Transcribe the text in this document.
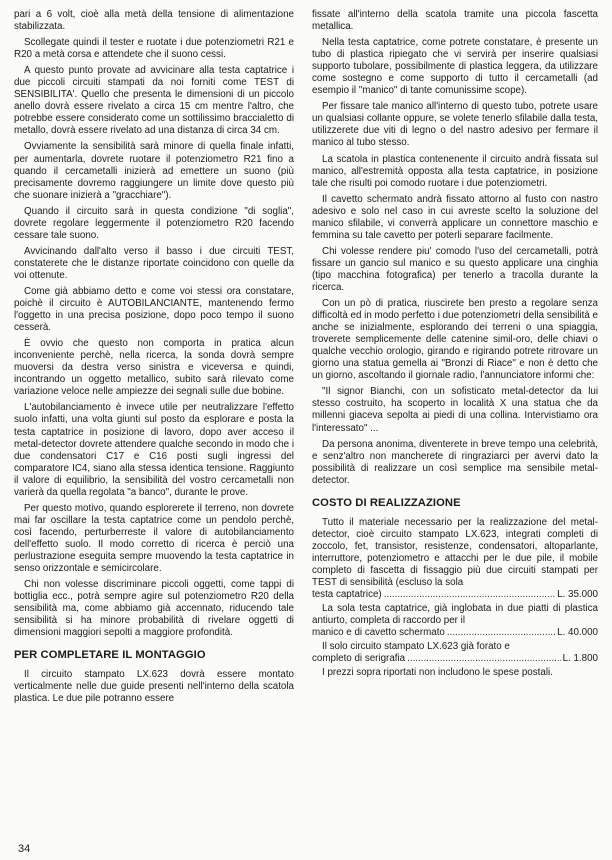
pari a 6 volt, cioè alla metà della tensione di alimentazione stabilizzata.

Scollegate quindi il tester e ruotate i due potenziometri R21 e R20 a metà corsa e attendete che il suono cessi.

A questo punto provate ad avvicinare alla testa captatrice i due piccoli circuiti stampati da noi forniti come TEST di SENSIBILITA'. Quello che presenta le dimensioni di un piccolo anello dovrà essere rivelato a circa 15 cm mentre l'altro, che potrebbe essere considerato come un sottilissimo braccialetto di metallo, dovrà essere rivelato ad una distanza di circa 34 cm.

Ovviamente la sensibilità sarà minore di quella finale infatti, per aumentarla, dovrete ruotare il potenziometro R21 fino a quando il cercametalli inizierà ad emettere un suono (più precisamente dovremo raggiungere un limite dove questo più che suonare inizierà a "gracchiare").

Quando il circuito sarà in questa condizione "di soglia", dovrete regolare leggermente il potenziometro R20 facendo cessare tale suono.

Avvicinando dall'alto verso il basso i due circuiti TEST, constaterete che le distanze riportate coincidono con quelle da voi ottenute.

Come già abbiamo detto e come voi stessi ora constatare, poichè il circuito è AUTOBILANCIANTE, mantenendo fermo l'oggetto in una precisa posizione, dopo poco tempo il suono cesserà.

È ovvio che questo non comporta in pratica alcun inconveniente perchè, nella ricerca, la sonda dovrà sempre muoversi da destra verso sinistra e viceversa e quindi, incontrando un oggetto metallico, subito sarà rilevato come variazione veloce nelle ampiezze dei segnali sulle due bobine.

L'autobilanciamento è invece utile per neutralizzare l'effetto suolo infatti, una volta giunti sul posto da esplorare e posta la testa captatrice in posizione di lavoro, dopo aver acceso il metal-detector dovrete attendere qualche secondo in modo che i due condensatori C17 e C16 posti sugli ingressi del comparatore IC4, siano alla stessa identica tensione. Raggiunto il valore di equilibrio, la sensibilità del vostro cercametalli non varierà da quella regolata "a banco", durante le prove.

Per questo motivo, quando esplorerete il terreno, non dovrete mai far oscillare la testa captatrice come un pendolo perchè, così facendo, perturberreste il valore di autobilanciamento dell'effetto suolo. Il modo corretto di ricerca è perciò una perlustrazione eseguita sempre muovendo la testa captatrice in senso orizzontale e semicircolare.

Chi non volesse discriminare piccoli oggetti, come tappi di bottiglia ecc., potrà sempre agire sul potenziometro R20 della sensibilità ma, come abbiamo già accennato, riducendo tale sensibilità si ha minore probabilità di rivelare oggetti di dimensioni maggiori sepolti a maggiore profondità.

PER COMPLETARE IL MONTAGGIO

Il circuito stampato LX.623 dovrà essere montato verticalmente nelle due guide presenti nell'interno della scatola plastica. Le due pile potranno essere

fissate all'interno della scatola tramite una piccola fascetta metallica.

Nella testa captatrice, come potrete constatare, è presente un tubo di plastica ripiegato che vi servirà per inserire qualsiasi supporto tubolare, possibilmente di plastica leggera, da utilizzare come sostegno e come supporto di tutto il cercametalli (ad esempio il "manico" di tante comunissime scope).

Per fissare tale manico all'interno di questo tubo, potrete usare un qualsiasi collante oppure, se volete tenerlo sfilabile dalla testa, utilizzerete due viti di legno o del nastro adesivo per fermare il manico al tubo stesso.

La scatola in plastica contenenente il circuito andrà fissata sul manico, all'estremità opposta alla testa captatrice, in posizione tale che risulti poi comodo ruotare i due potenziometri.

Il cavetto schermato andrà fissato attorno al fusto con nastro adesivo e solo nel caso in cui avreste scelto la soluzione del manico sfilabile, vi converrà applicare un connettore maschio e femmina su tale cavetto per poterli separare facilmente.

Chi volesse rendere piu' comodo l'uso del cercametalli, potrà fissare un gancio sul manico e su questo applicare una cinghia (tipo macchina fotografica) per tenerlo a tracolla durante la ricerca.

Con un pò di pratica, riuscirete ben presto a regolare senza difficoltà ed in modo perfetto i due potenziometri della sensibilità e anche se inizialmente, esplorando dei terreni o una spiaggia, troverete semplicemente delle catenine simil-oro, delle chiavi o qualche vecchio orologio, girando e rigirando potrete ritrovare un giorno una statua gemella ai "Bronzi di Riace" e non è detto che un giorno, ascoltando il giornale radio, l'annunciatore informi che:

"Il signor Bianchi, con un sofisticato metal-detector da lui stesso costruito, ha scoperto in località X una statua che da millenni giaceva sepolta ai piedi di una collina. Intervistiamo ora l'interessato" ...

Da persona anonima, diventerete in breve tempo una celebrità, e senz'altro non mancherete di ringraziarci per avervi dato la possibilità di realizzare un così semplice ma sensibile metal-detector.

COSTO DI REALIZZAZIONE

Tutto il materiale necessario per la realizzazione del metal-detector, cioè circuito stampato LX.623, integrati completi di zoccolo, fet, transistor, resistenze, condensatori, altoparlante, interruttore, potenziometro e attacchi per le due pile, il mobile completo di fascetta di fissaggio più due circuiti stampati per TEST di sensibilità (escluso la sola

testa captatrice) .....	L. 35.000

La sola testa captatrice, già inglobata in due piatti di plastica antiurto, completa di raccordo per il

manico e di cavetto schermato .....	L. 40.000

Il solo circuito stampato LX.623 già forato e

completo di serigrafia .....	L. 1.800

I prezzi sopra riportati non includono le spese postali.

34
